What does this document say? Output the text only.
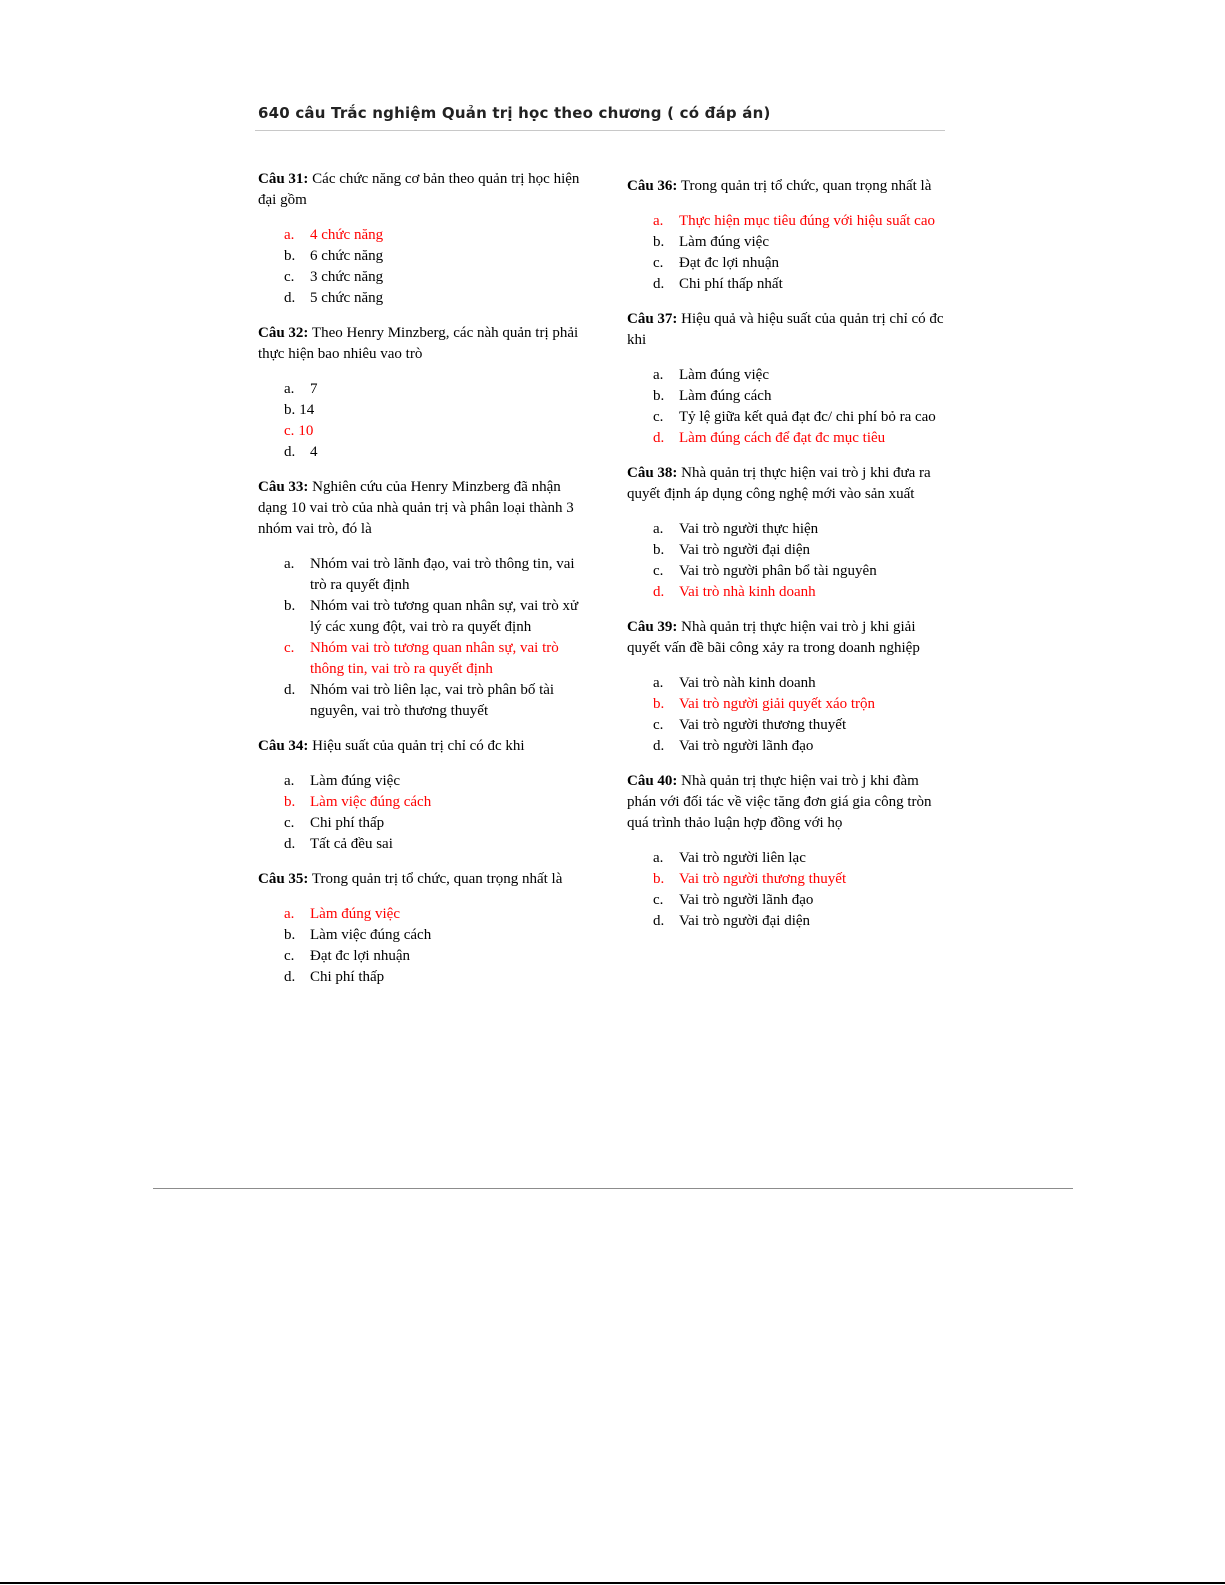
640 câu Trắc nghiệm Quản trị học theo chương ( có đáp án)
Câu 31: Các chức năng cơ bản theo quản trị học hiện đại gồm
a.	4 chức năng
b. 6 chức năng
c.	3 chức năng
d. 5 chức năng
Câu 32: Theo Henry Minzberg, các nàh quản trị phải thực hiện bao nhiêu vao trò
a.	7
b. 14
c. 10
d. 4
Câu 33: Nghiên cứu của Henry Minzberg đã nhận dạng 10 vai trò của nhà quản trị và phân loại thành 3 nhóm vai trò, đó là
a.	Nhóm vai trò lãnh đạo, vai trò thông tin, vai trò ra quyết định
b. Nhóm vai trò tương quan nhân sự, vai trò xử lý các xung đột, vai trò ra quyết định
c.	Nhóm vai trò tương quan nhân sự, vai trò thông tin, vai trò ra quyết định
d. Nhóm vai trò liên lạc, vai trò phân bố tài nguyên, vai trò thương thuyết
Câu 34: Hiệu suất của quản trị chỉ có đc khi
a.	Làm đúng việc
b. Làm việc đúng cách
c.	Chi phí thấp
d. Tất cả đều sai
Câu 35: Trong quản trị tổ chức, quan trọng nhất là
a.	Làm đúng việc
b. Làm việc đúng cách
c.	Đạt đc lợi nhuận
d. Chi phí thấp
Câu 36: Trong quản trị tổ chức, quan trọng nhất là
a.	Thực hiện mục tiêu đúng với hiệu suất cao
b. Làm đúng việc
c.	Đạt đc lợi nhuận
d. Chi phí thấp nhất
Câu 37: Hiệu quả và hiệu suất của quản trị chỉ có đc khi
a.	Làm đúng việc
b. Làm đúng cách
c.	Tỷ lệ giữa kết quả đạt đc/ chi phí bỏ ra cao
d. Làm đúng cách để đạt đc mục tiêu
Câu 38: Nhà quản trị thực hiện vai trò j khi đưa ra quyết định áp dụng công nghệ mới vào sản xuất
a.	Vai trò người thực hiện
b. Vai trò người đại diện
c.	Vai trò người phân bổ tài nguyên
d. Vai trò nhà kinh doanh
Câu 39: Nhà quản trị thực hiện vai trò j khi giải quyết vấn đề bãi công xảy ra trong doanh nghiệp
a.	Vai trò nàh kinh doanh
b. Vai trò người giải quyết xáo trộn
c.	Vai trò người thương thuyết
d. Vai trò người lãnh đạo
Câu 40: Nhà quản trị thực hiện vai trò j khi đàm phán với đối tác về việc tăng đơn giá gia công tròn quá trình thảo luận hợp đồng với họ
a.	Vai trò người liên lạc
b. Vai trò người thương thuyết
c.	Vai trò người lãnh đạo
d. Vai trò người đại diện
